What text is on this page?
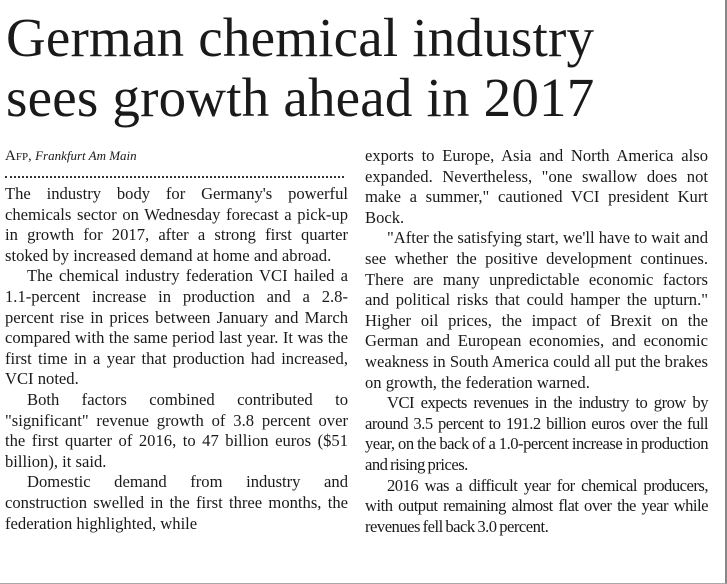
German chemical industry
sees growth ahead in 2017
Afp, Frankfurt Am Main

The industry body for Germany's powerful chemicals sector on Wednesday forecast a pick-up in growth for 2017, after a strong first quarter stoked by increased demand at home and abroad.

The chemical industry federation VCI hailed a 1.1-percent increase in production and a 2.8-percent rise in prices between January and March compared with the same period last year. It was the first time in a year that production had increased, VCI noted.

Both factors combined contributed to "significant" revenue growth of 3.8 percent over the first quarter of 2016, to 47 billion euros ($51 billion), it said.

Domestic demand from industry and construction swelled in the first three months, the federation highlighted, while

exports to Europe, Asia and North America also expanded. Nevertheless, "one swallow does not make a summer," cautioned VCI president Kurt Bock.

"After the satisfying start, we'll have to wait and see whether the positive development continues. There are many unpredictable economic factors and political risks that could hamper the upturn." Higher oil prices, the impact of Brexit on the German and European economies, and economic weakness in South America could all put the brakes on growth, the federation warned.

VCI expects revenues in the industry to grow by around 3.5 percent to 191.2 billion euros over the full year, on the back of a 1.0-percent increase in production and rising prices.

2016 was a difficult year for chemical producers, with output remaining almost flat over the year while revenues fell back 3.0 percent.
